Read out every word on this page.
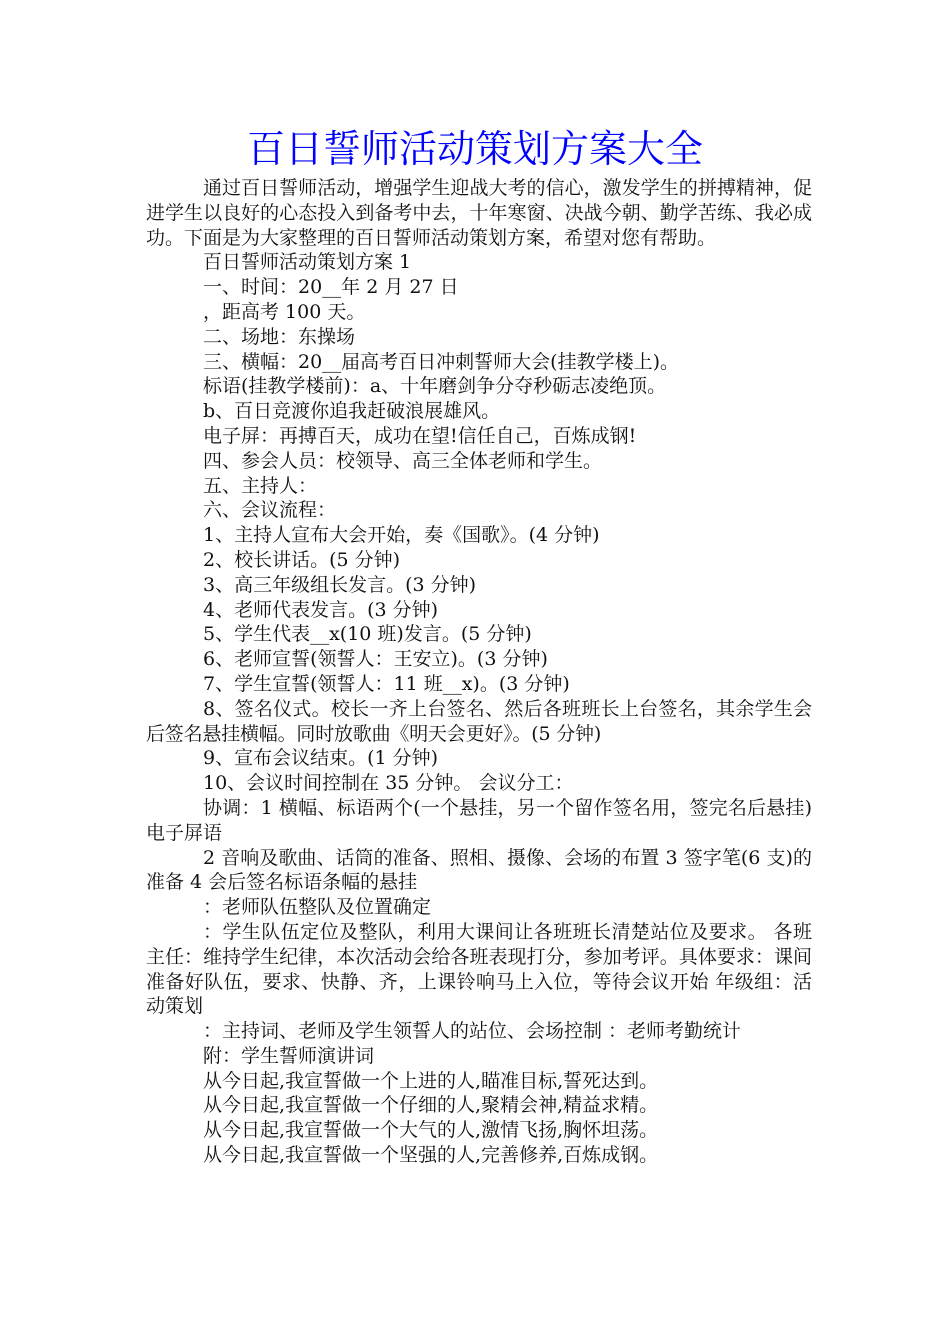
百日誓师活动策划方案大全

通过百日誓师活动，增强学生迎战大考的信心，激发学生的拼搏精神，促进学生以良好的心态投入到备考中去，十年寒窗、决战今朝、勤学苦练、我必成功。下面是为大家整理的百日誓师活动策划方案，希望对您有帮助。

百日誓师活动策划方案 1

一、时间：20__年 2 月 27 日

，距高考 100 天。

二、场地：东操场

三、横幅：20__届高考百日冲刺誓师大会(挂教学楼上)。

标语(挂教学楼前)：a、十年磨剑争分夺秒砺志凌绝顶。

b、百日竞渡你追我赶破浪展雄风。

电子屏：再搏百天，成功在望!信任自己，百炼成钢!

四、参会人员：校领导、高三全体老师和学生。

五、主持人：

六、会议流程：

1、主持人宣布大会开始，奏《国歌》。(4 分钟)

2、校长讲话。(5 分钟)

3、高三年级组长发言。(3 分钟)

4、老师代表发言。(3 分钟)

5、学生代表__x(10 班)发言。(5 分钟)

6、老师宣誓(领誓人：王安立)。(3 分钟)

7、学生宣誓(领誓人：11 班__x)。(3 分钟)

8、签名仪式。校长一齐上台签名、然后各班班长上台签名，其余学生会后签名悬挂横幅。同时放歌曲《明天会更好》。(5 分钟)

9、宣布会议结束。(1 分钟)

10、会议时间控制在 35 分钟。 会议分工：

协调：1 横幅、标语两个(一个悬挂，另一个留作签名用，签完名后悬挂)电子屏语

2 音响及歌曲、话筒的准备、照相、摄像、会场的布置 3 签字笔(6 支)的准备 4 会后签名标语条幅的悬挂

：老师队伍整队及位置确定

：学生队伍定位及整队，利用大课间让各班班长清楚站位及要求。 各班主任：维持学生纪律，本次活动会给各班表现打分，参加考评。具体要求：课间准备好队伍，要求、快静、齐，上课铃响马上入位，等待会议开始 年级组：活动策划

：主持词、老师及学生领誓人的站位、会场控制 ：老师考勤统计

附：学生誓师演讲词

从今日起,我宣誓做一个上进的人,瞄准目标,誓死达到。

从今日起,我宣誓做一个仔细的人,聚精会神,精益求精。

从今日起,我宣誓做一个大气的人,激情飞扬,胸怀坦荡。

从今日起,我宣誓做一个坚强的人,完善修养,百炼成钢。
